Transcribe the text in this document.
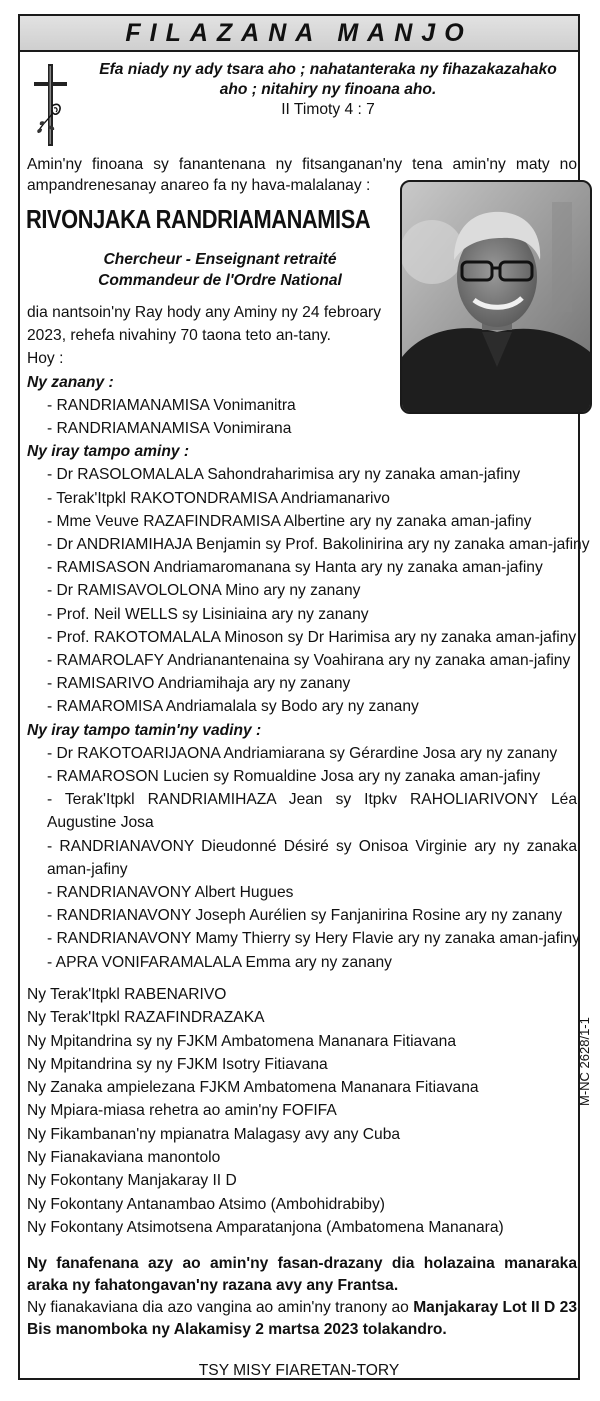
FILAZANA MANJO
Efa niady ny ady tsara aho ; nahatanteraka ny fihazakazahako
aho ; nitahiry ny finoana aho.
II Timoty 4 : 7
Amin'ny finoana sy fanantenana ny fitsanganan'ny tena amin'ny maty no ampandrenesanay anareo fa ny hava-malalanay :
RIVONJAKA RANDRIAMANAMISA
Chercheur - Enseignant retraité
Commandeur de l'Ordre National
dia nantsoin'ny Ray hody any Aminy ny 24 febroary 2023, rehefa nivahiny 70 taona teto an-tany.
Hoy :
Ny zanany :
- RANDRIAMANAMISA Vonimanitra
- RANDRIAMANAMISA Vonimirana
Ny iray tampo aminy :
- Dr RASOLOMALALA Sahondraharimisa ary ny zanaka aman-jafiny
- Terak'Itpkl RAKOTONDRAMISA Andriamanarivo
- Mme Veuve RAZAFINDRAMISA Albertine ary ny zanaka aman-jafiny
- Dr ANDRIAMIHAJA Benjamin sy Prof. Bakolinirina ary ny zanaka aman-jafiny
- RAMISASON Andriamaromanana sy Hanta ary ny zanaka aman-jafiny
- Dr RAMISAVOLOLONA Mino ary ny zanany
- Prof. Neil WELLS sy Lisiniaina ary ny zanany
- Prof. RAKOTOMALALA Minoson sy Dr Harimisa ary ny zanaka aman-jafiny
- RAMAROLAFY Andrianantenaina sy Voahirana ary ny zanaka aman-jafiny
- RAMISARIVO Andriamihaja ary ny zanany
- RAMAROMISA Andriamalala sy Bodo ary ny zanany
Ny iray tampo tamin'ny vadiny :
- Dr RAKOTOARIJAONA Andriamiarana sy Gérardine Josa ary ny zanany
- RAMAROSON Lucien sy Romualdine Josa ary ny zanaka aman-jafiny
- Terak'Itpkl RANDRIAMIHAZA Jean sy Itpkv RAHOLIARIVONY Léa Augustine Josa
- RANDRIANAVONY Dieudonné Désiré sy Onisoa Virginie ary ny zanaka aman-jafiny
- RANDRIANAVONY Albert Hugues
- RANDRIANAVONY Joseph Aurélien sy Fanjanirina Rosine ary ny zanany
- RANDRIANAVONY Mamy Thierry sy Hery Flavie ary ny zanaka aman-jafiny
- APRA VONIFARAMALALA Emma ary ny zanany
Ny Terak'Itpkl RABENARIVO
Ny Terak'Itpkl RAZAFINDRAZAKA
Ny Mpitandrina sy ny FJKM Ambatomena Mananara Fitiavana
Ny Mpitandrina sy ny FJKM Isotry Fitiavana
Ny Zanaka ampielezana FJKM Ambatomena Mananara Fitiavana
Ny Mpiara-miasa rehetra ao amin'ny FOFIFA
Ny Fikambanan'ny mpianatra Malagasy avy any Cuba
Ny Fianakaviana manontolo
Ny Fokontany Manjakaray II D
Ny Fokontany Antanambao Atsimo (Ambohidrabiby)
Ny Fokontany Atsimotsena Amparatanjona (Ambatomena Mananara)
M-NC 2628/1-1
Ny fanafenana azy ao amin'ny fasan-drazany dia holazaina manaraka araka ny fahatongavan'ny razana avy any Frantsa.
Ny fianakaviana dia azo vangina ao amin'ny tranony ao Manjakaray Lot II D 23 Bis manomboka ny Alakamisy 2 martsa 2023 tolakandro.
TSY MISY FIARETAN-TORY
